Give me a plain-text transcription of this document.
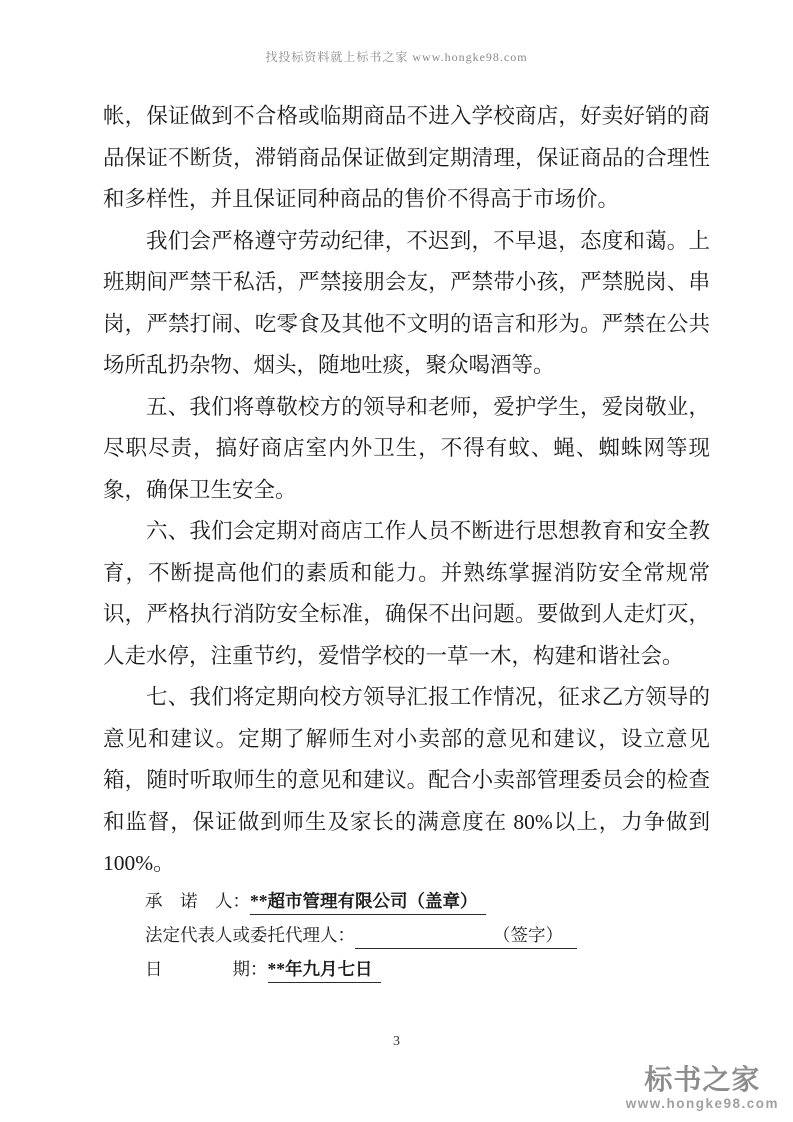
找投标资料就上标书之家 www.hongke98.com

帐，保证做到不合格或临期商品不进入学校商店，好卖好销的商品保证不断货，滞销商品保证做到定期清理，保证商品的合理性和多样性，并且保证同种商品的售价不得高于市场价。

我们会严格遵守劳动纪律，不迟到，不早退，态度和蔼。上班期间严禁干私活，严禁接朋会友，严禁带小孩，严禁脱岗、串岗，严禁打闹、吃零食及其他不文明的语言和形为。严禁在公共场所乱扔杂物、烟头，随地吐痰，聚众喝酒等。

五、我们将尊敬校方的领导和老师，爱护学生，爱岗敬业，尽职尽责，搞好商店室内外卫生，不得有蚊、蝇、蜘蛛网等现象，确保卫生安全。

六、我们会定期对商店工作人员不断进行思想教育和安全教育，不断提高他们的素质和能力。并熟练掌握消防安全常规常识，严格执行消防安全标准，确保不出问题。要做到人走灯灭，人走水停，注重节约，爱惜学校的一草一木，构建和谐社会。

七、我们将定期向校方领导汇报工作情况，征求乙方领导的意见和建议。定期了解师生对小卖部的意见和建议，设立意见箱，随时听取师生的意见和建议。配合小卖部管理委员会的检查和监督，保证做到师生及家长的满意度在 80%以上，力争做到 100%。

承　诺　人：**超市管理有限公司（盖章）
法定代表人或委托代理人：	（签字）
日　　　　期：**年九月七日
3
标书之家
www.hongke98.com
